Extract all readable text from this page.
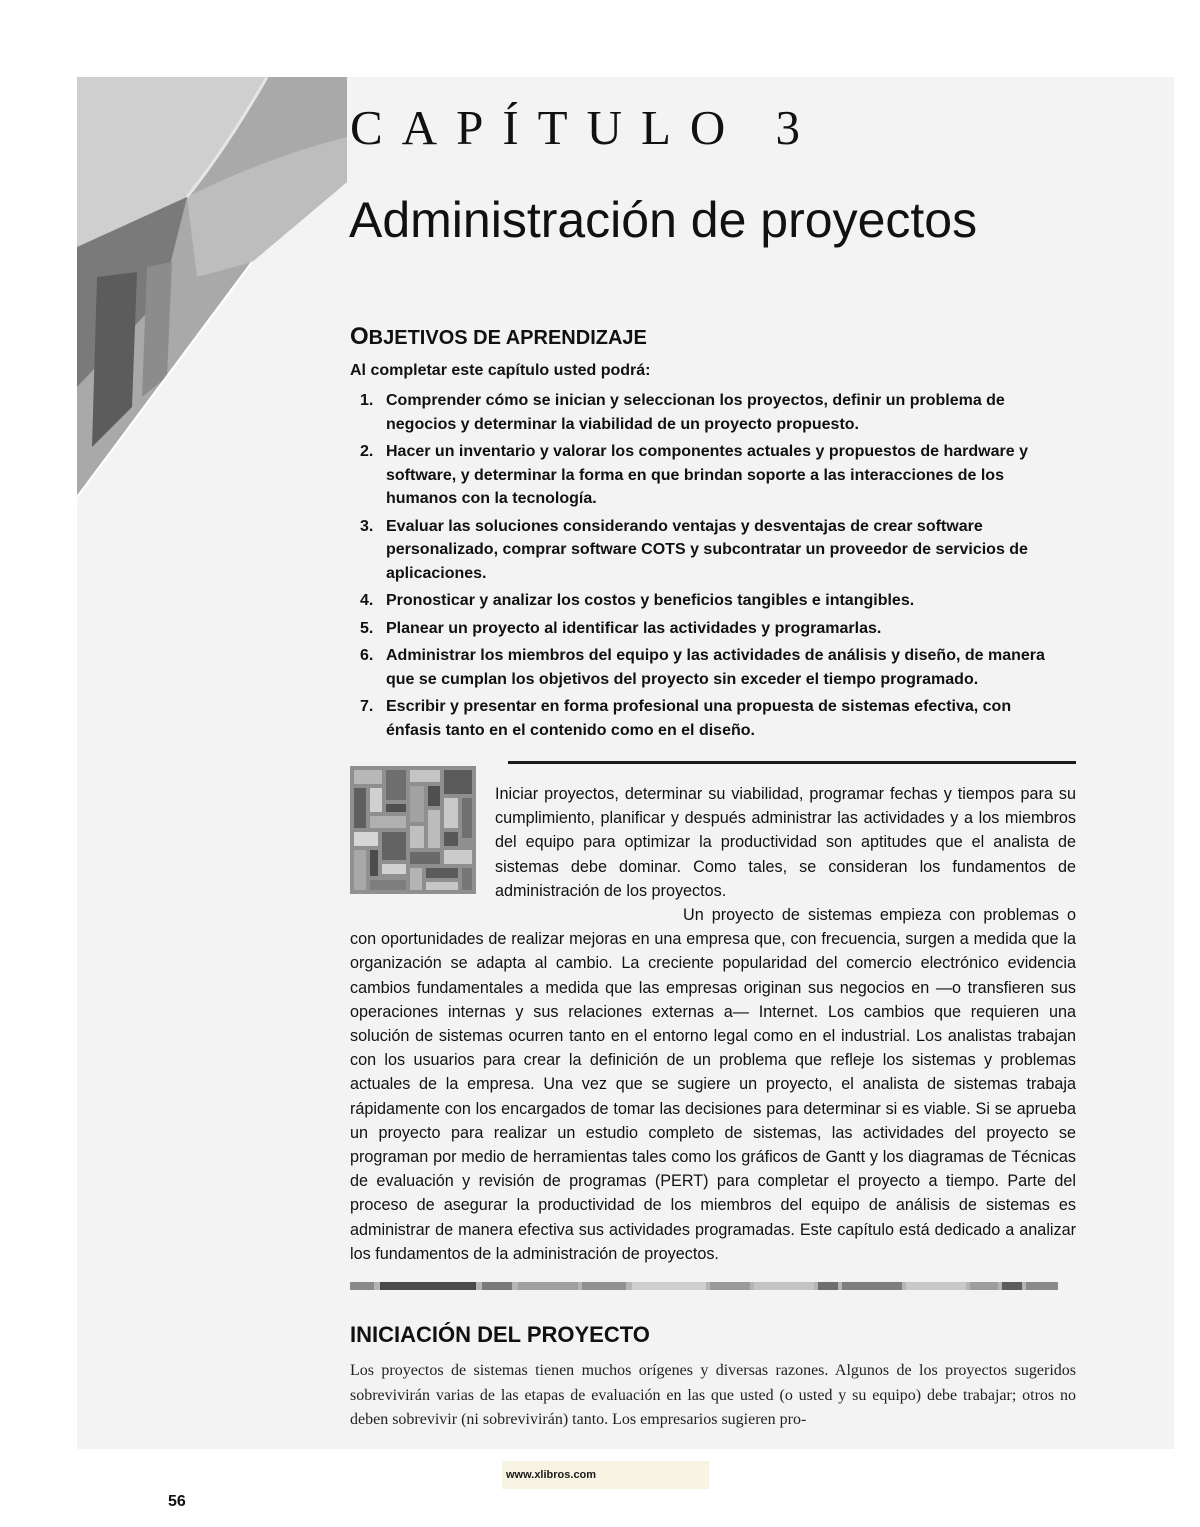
CAPÍTULO 3
Administración de proyectos
OBJETIVOS DE APRENDIZAJE

Al completar este capítulo usted podrá:

1. Comprender cómo se inician y seleccionan los proyectos, definir un problema de negocios y determinar la viabilidad de un proyecto propuesto.
2. Hacer un inventario y valorar los componentes actuales y propuestos de hardware y software, y determinar la forma en que brindan soporte a las interacciones de los humanos con la tecnología.
3. Evaluar las soluciones considerando ventajas y desventajas de crear software personalizado, comprar software COTS y subcontratar un proveedor de servicios de aplicaciones.
4. Pronosticar y analizar los costos y beneficios tangibles e intangibles.
5. Planear un proyecto al identificar las actividades y programarlas.
6. Administrar los miembros del equipo y las actividades de análisis y diseño, de manera que se cumplan los objetivos del proyecto sin exceder el tiempo programado.
7. Escribir y presentar en forma profesional una propuesta de sistemas efectiva, con énfasis tanto en el contenido como en el diseño.

Iniciar proyectos, determinar su viabilidad, programar fechas y tiempos para su cumplimiento, planificar y después administrar las actividades y a los miembros del equipo para optimizar la productividad son aptitudes que el analista de sistemas debe dominar. Como tales, se consideran los fundamentos de administración de los proyectos.

Un proyecto de sistemas empieza con problemas o con oportunidades de realizar mejoras en una empresa que, con frecuencia, surgen a medida que la organización se adapta al cambio. La creciente popularidad del comercio electrónico evidencia cambios fundamentales a medida que las empresas originan sus negocios en —o transfieren sus operaciones internas y sus relaciones externas a— Internet. Los cambios que requieren una solución de sistemas ocurren tanto en el entorno legal como en el industrial. Los analistas trabajan con los usuarios para crear la definición de un problema que refleje los sistemas y problemas actuales de la empresa. Una vez que se sugiere un proyecto, el analista de sistemas trabaja rápidamente con los encargados de tomar las decisiones para determinar si es viable. Si se aprueba un proyecto para realizar un estudio completo de sistemas, las actividades del proyecto se programan por medio de herramientas tales como los gráficos de Gantt y los diagramas de Técnicas de evaluación y revisión de programas (PERT) para completar el proyecto a tiempo. Parte del proceso de asegurar la productividad de los miembros del equipo de análisis de sistemas es administrar de manera efectiva sus actividades programadas. Este capítulo está dedicado a analizar los fundamentos de la administración de proyectos.

INICIACIÓN DEL PROYECTO

Los proyectos de sistemas tienen muchos orígenes y diversas razones. Algunos de los proyectos sugeridos sobrevivirán varias de las etapas de evaluación en las que usted (o usted y su equipo) debe trabajar; otros no deben sobrevivir (ni sobrevivirán) tanto. Los empresarios sugieren pro-

56
www.xlibros.com
